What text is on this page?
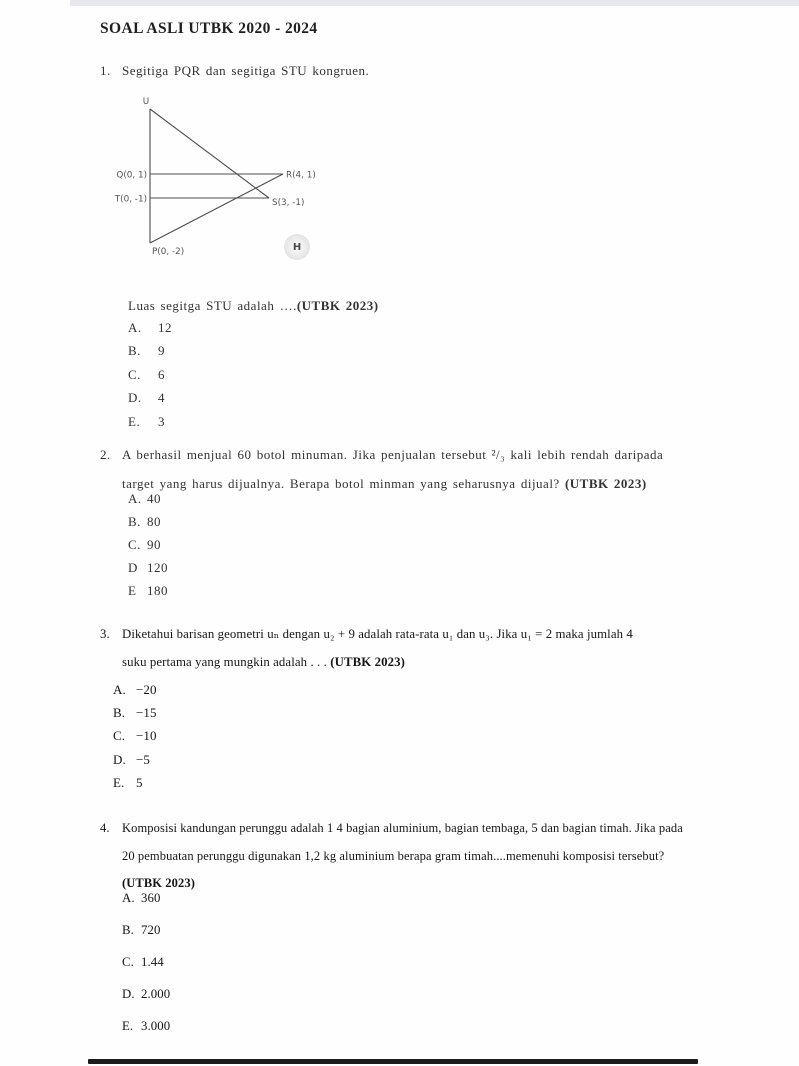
SOAL ASLI UTBK 2020 - 2024
1. Segitiga PQR dan segitiga STU kongruen.
U
Q(0, 1)	R(4, 1)
T(0, -1)	S(3, -1)
P(0, -2)	H
Luas segitga STU adalah ….(UTBK 2023)
A.	12
B.	9
C.	6
D.	4
E.	3
2. A berhasil menjual 60 botol minuman. Jika penjualan tersebut ²/₃ kali lebih rendah daripada
target yang harus dijualnya. Berapa botol minman yang seharusnya dijual? (UTBK 2023)
A. 40
B. 80
C. 90
D 120
E 180
3. Diketahui barisan geometri uₙ dengan u₂ + 9 adalah rata-rata u₁ dan u₃. Jika u₁ = 2 maka jumlah 4
suku pertama yang mungkin adalah . . . (UTBK 2023)
A. −20
B. −15
C. −10
D. −5
E. 5
4. Komposisi kandungan perunggu adalah 1 4 bagian aluminium, bagian tembaga, 5 dan bagian timah. Jika pada
20 pembuatan perunggu digunakan 1,2 kg aluminium berapa gram timah....memenuhi komposisi tersebut?
(UTBK 2023)
A. 360
B. 720
C. 1.44
D. 2.000
E. 3.000
